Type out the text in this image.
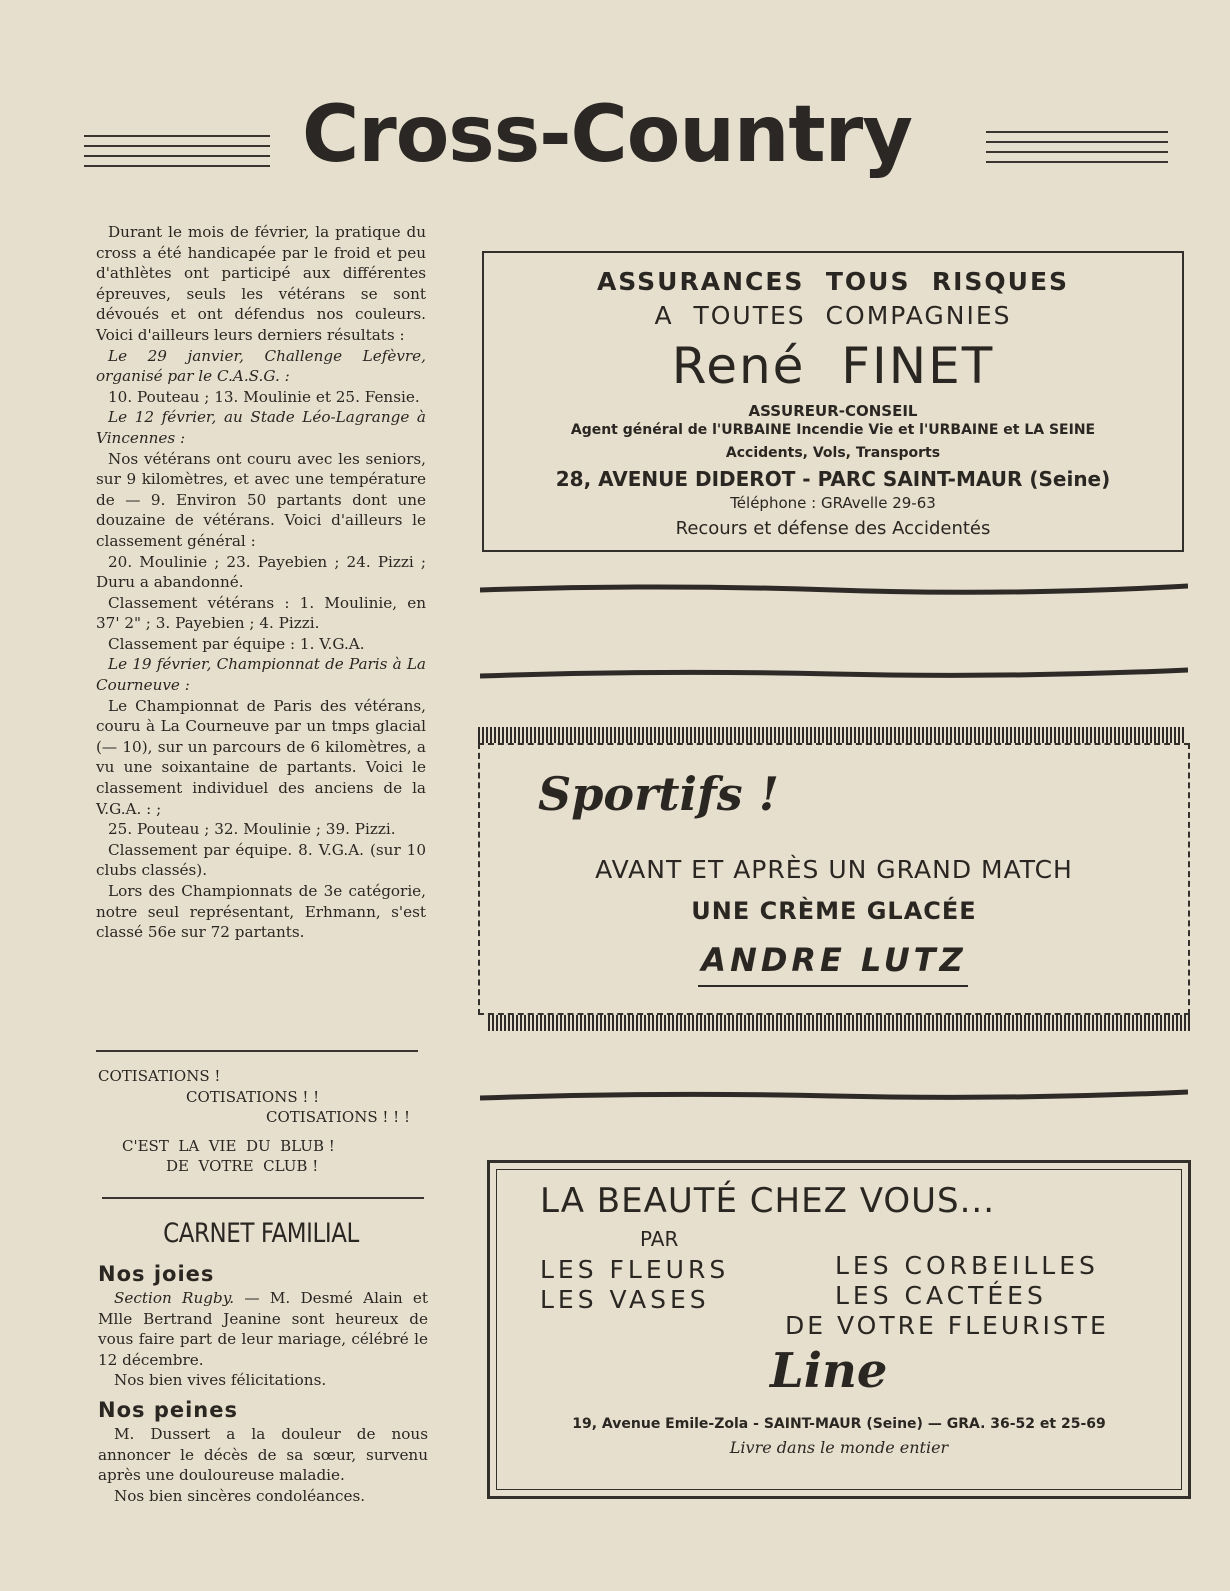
Cross-Country

Durant le mois de février, la pratique du cross a été handicapée par le froid et peu d'athlètes ont participé aux différentes épreuves, seuls les vétérans se sont dévoués et ont défendus nos couleurs. Voici d'ailleurs leurs derniers résultats :

Le 29 janvier, Challenge Lefèvre, organisé par le C.A.S.G. :

10. Pouteau ; 13. Moulinie et 25. Fensie.

Le 12 février, au Stade Léo-Lagrange à Vincennes :

Nos vétérans ont couru avec les seniors, sur 9 kilomètres, et avec une température de — 9. Environ 50 partants dont une douzaine de vétérans. Voici d'ailleurs le classement général :

20. Moulinie ; 23. Payebien ; 24. Pizzi ; Duru a abandonné.

Classement vétérans : 1. Moulinie, en 37' 2" ; 3. Payebien ; 4. Pizzi.

Classement par équipe : 1. V.G.A.

Le 19 février, Championnat de Paris à La Courneuve :

Le Championnat de Paris des vétérans, couru à La Courneuve par un tmps glacial (— 10), sur un parcours de 6 kilomètres, a vu une soixantaine de partants. Voici le classement individuel des anciens de la V.G.A. : ;

25. Pouteau ; 32. Moulinie ; 39. Pizzi.

Classement par équipe. 8. V.G.A. (sur 10 clubs classés).

Lors des Championnats de 3e catégorie, notre seul représentant, Erhmann, s'est classé 56e sur 72 partants.

COTISATIONS !
COTISATIONS ! !
COTISATIONS ! ! !
C'EST  LA  VIE  DU  BLUB !
DE  VOTRE  CLUB !
CARNET FAMILIAL
Nos joies

Section Rugby. — M. Desmé Alain et Mlle Bertrand Jeanine sont heureux de vous faire part de leur mariage, célébré le 12 décembre.

Nos bien vives félicitations.

Nos peines

M. Dussert a la douleur de nous annoncer le décès de sa sœur, survenu après une douloureuse maladie.

Nos bien sincères condoléances.

ASSURANCES  TOUS  RISQUES
A  TOUTES  COMPAGNIES
René  FINET
ASSUREUR-CONSEIL
Agent général de l'URBAINE Incendie Vie et l'URBAINE et LA SEINE
Accidents, Vols, Transports
28, AVENUE DIDEROT - PARC SAINT-MAUR (Seine)
Téléphone : GRAvelle 29-63
Recours et défense des Accidentés
Sportifs !
AVANT ET APRÈS UN GRAND MATCH
UNE CRÈME GLACÉE
ANDRE LUTZ
LA BEAUTÉ CHEZ VOUS...
PAR
LES FLEURS	LES CORBEILLES
LES VASES	LES CACTÉES
DE VOTRE FLEURISTE
Line
19, Avenue Emile-Zola - SAINT-MAUR (Seine) — GRA. 36-52 et 25-69
Livre dans le monde entier
